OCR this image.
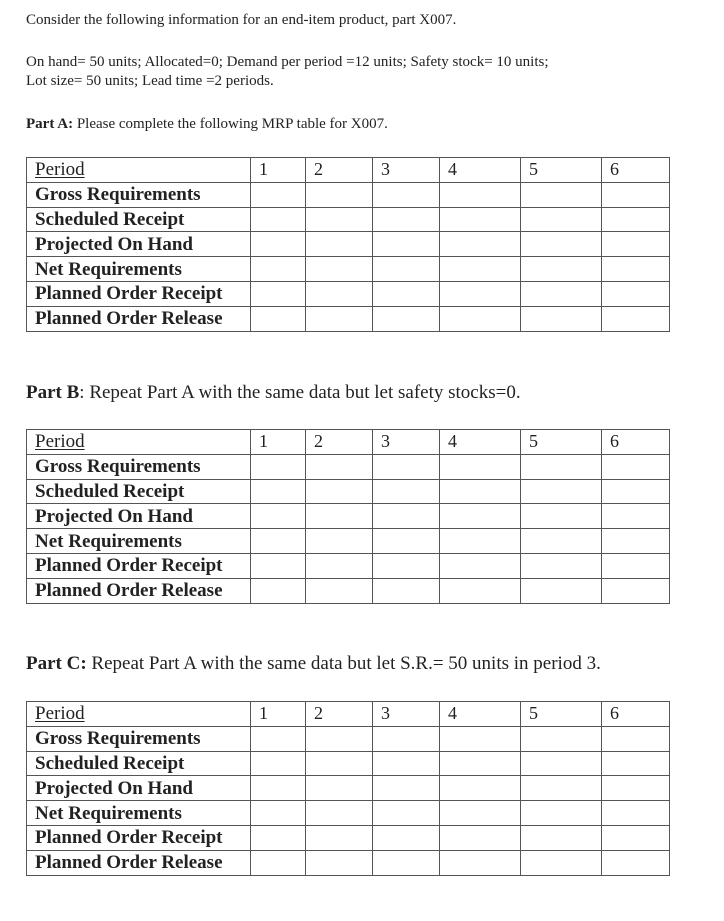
Consider the following information for an end-item product, part X007.
On hand= 50 units; Allocated=0; Demand per period =12 units; Safety stock= 10 units;
Lot size= 50 units; Lead time =2 periods.
Part A: Please complete the following MRP table for X007.
Period	1	2	3	4	5	6
Gross Requirements						
Scheduled Receipt						
Projected On Hand						
Net Requirements						
Planned Order Receipt						
Planned Order Release						
Part B: Repeat Part A with the same data but let safety stocks=0.
Period	1	2	3	4	5	6
Gross Requirements						
Scheduled Receipt						
Projected On Hand						
Net Requirements						
Planned Order Receipt						
Planned Order Release						
Part C: Repeat Part A with the same data but let S.R.= 50 units in period 3.
Period	1	2	3	4	5	6
Gross Requirements						
Scheduled Receipt						
Projected On Hand						
Net Requirements						
Planned Order Receipt						
Planned Order Release						
